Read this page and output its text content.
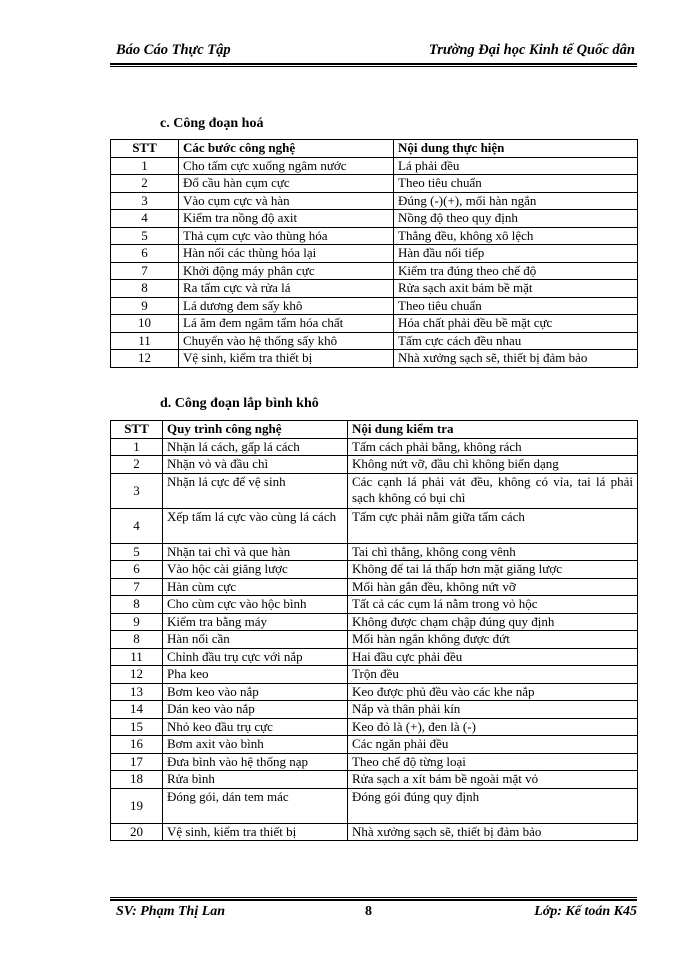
Báo Cáo Thực Tập	Trường Đại học Kinh tế Quốc dân
c. Công đoạn hoá
STT	Các bước công nghệ	Nội dung thực hiện
1	Cho tấm cực xuống ngâm nước	Lá phải đều
2	Đổ cầu hàn cụm cực	Theo tiêu chuẩn
3	Vào cụm cực và hàn	Đúng (-)(+), mối hàn ngắn
4	Kiểm tra nồng độ axit	Nồng độ theo quy định
5	Thả cụm cực vào thùng hóa	Thẳng đều, không xô lệch
6	Hàn nối các thùng hóa lại	Hàn đầu nối tiếp
7	Khởi động máy phân cực	Kiểm tra đúng theo chế độ
8	Ra tấm cực và rửa lá	Rửa sạch axit bám bề mặt
9	Lá dương đem sấy khô	Theo tiêu chuẩn
10	Lá âm đem ngâm tẩm hóa chất	Hóa chất phải đều bề mặt cực
11	Chuyển vào hệ thống sấy khô	Tấm cực cách đều nhau
12	Vệ sinh, kiểm tra thiết bị	Nhà xưởng sạch sẽ, thiết bị đảm bảo
d. Công đoạn lắp bình khô
STT	Quy trình công nghệ	Nội dung kiểm tra
1	Nhặn lá cách, gấp lá cách	Tấm cách phải bằng, không rách
2	Nhặn vỏ và đầu chì	Không nứt vỡ, đầu chì không biến dạng
3	Nhặn lá cực để vệ sinh	Các cạnh lá phải vát đều, không có vỉa, tai lá phải sạch không có bụi chì
4	Xếp tấm lá cực vào cùng lá cách	Tấm cực phải nằm giữa tấm cách
5	Nhặn tai chì và que hàn	Tai chì thẳng, không cong vênh
6	Vào hộc cài giăng lược	Không để tai lá thấp hơn mặt giăng lược
7	Hàn cùm cực	Mối hàn gắn đều, không nứt vỡ
8	Cho cùm cực vào hộc bình	Tất cả các cụm lá nằm trong vỏ hộc
9	Kiểm tra bằng máy	Không được chạm chập đúng quy định
8	Hàn nối cần	Mối hàn ngắn không được đứt
11	Chỉnh đầu trụ cực với nắp	Hai đầu cực phải đều
12	Pha keo	Trộn đều
13	Bơm keo vào nắp	Keo được phủ đều vào các khe nắp
14	Dán keo vào nắp	Nắp và thân phải kín
15	Nhỏ keo đầu trụ cực	Keo đỏ là (+), đen là (-)
16	Bơm axit vào bình	Các ngăn phải đều
17	Đưa bình vào hệ thống nạp	Theo chế độ từng loại
18	Rửa bình	Rửa sạch a xít bám bề ngoài mặt vỏ
19	Đóng gói, dán tem mác	Đóng gói đúng quy định
20	Vệ sinh, kiểm tra thiết bị	Nhà xưởng sạch sẽ, thiết bị đảm bảo
SV: Phạm Thị Lan	8	Lớp: Kế toán K45
